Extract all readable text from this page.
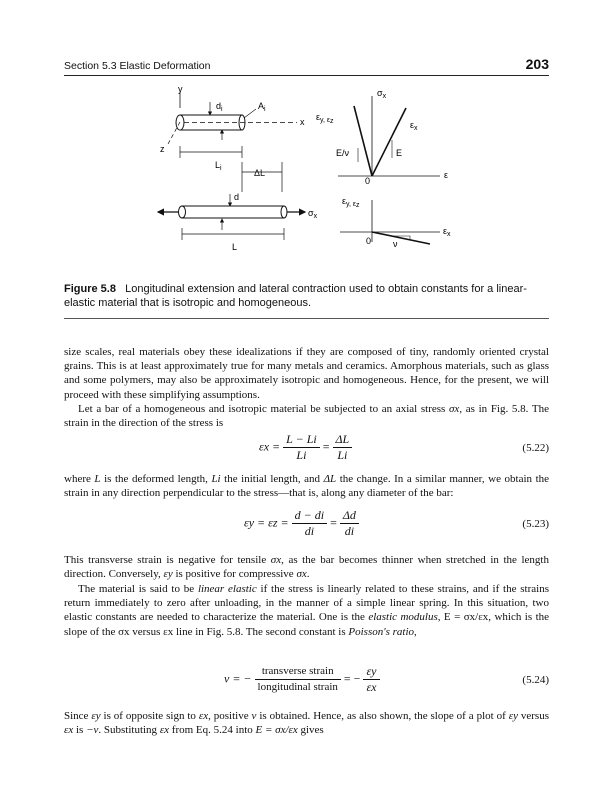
Section 5.3 Elastic Deformation	203
y
x
z
$d_i$	$A_i$
$L_i$	ΔL
$\sigma_x$
d
L
$\sigma_x$
ε
$\varepsilon_{y, \varepsilon}z$	$\varepsilon_x$
E/ν	E
0
$\varepsilon_{y, \varepsilon}z$
$\varepsilon_x$
0 ν
Figure 5.8 Longitudinal extension and lateral contraction used to obtain constants for a linear-elastic material that is isotropic and homogeneous.
size scales, real materials obey these idealizations if they are composed of tiny, randomly oriented crystal grains. This is at least approximately true for many metals and ceramics. Amorphous materials, such as glass and some polymers, may also be approximately isotropic and homogeneous. Hence, for the present, we will proceed with these simplifying assumptions.
Let a bar of a homogeneous and isotropic material be subjected to an axial stress σx, as in Fig. 5.8. The strain in the direction of the stress is
$\varepsilon x = \frac{L - Li}{Li} = \frac{\Delta L}{Li}$	(5.22)
where L is the deformed length, Li the initial length, and ΔL the change. In a similar manner, we obtain the strain in any direction perpendicular to the stress—that is, along any diameter of the bar:
$\varepsilon y = \varepsilon z = \frac{d - di}{di} = \frac{\Delta d}{di}$	(5.23)
This transverse strain is negative for tensile σx, as the bar becomes thinner when stretched in the length direction. Conversely, εy is positive for compressive σx.
The material is said to be linear elastic if the stress is linearly related to these strains, and if the strains return immediately to zero after unloading, in the manner of a simple linear spring. In this situation, two elastic constants are needed to characterize the material. One is the elastic modulus, E = σx/εx, which is the slope of the σx versus εx line in Fig. 5.8. The second constant is Poisson's ratio,
ν = − $\frac{\text{transverse strain}}{\text{longitudinal strain}}$ = − $\frac{\varepsilon y}{\varepsilon x}$	(5.24)
Since εy is of opposite sign to εx, positive ν is obtained. Hence, as also shown, the slope of a plot of εy versus εx is −ν. Substituting εx from Eq. 5.24 into E = σx/εx gives
